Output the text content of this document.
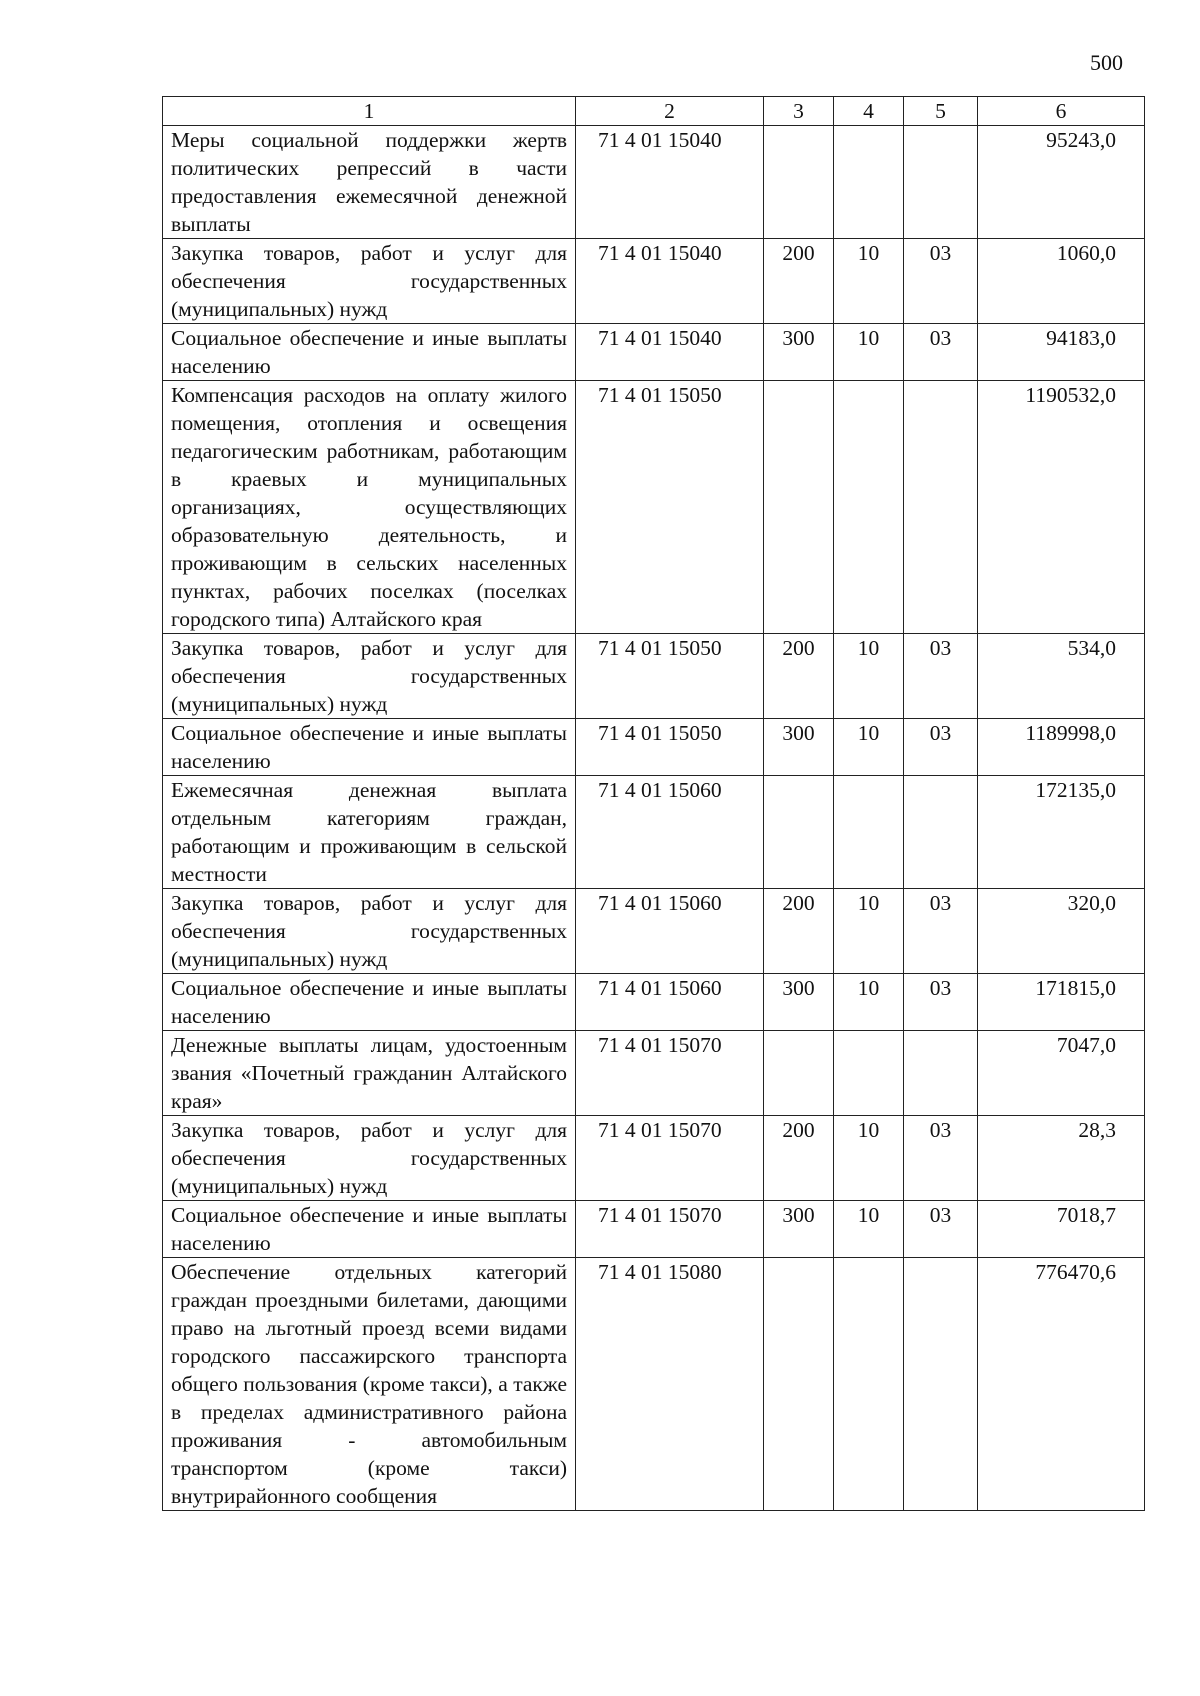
500
1	2	3	4	5	6
Меры социальной поддержки жертв политических репрессий в части предоставления ежемесячной денежной выплаты	71 4 01 15040				95243,0
Закупка товаров, работ и услуг для обеспечения государственных (муниципальных) нужд	71 4 01 15040	200	10	03	1060,0
Социальное обеспечение и иные выплаты населению	71 4 01 15040	300	10	03	94183,0
Компенсация расходов на оплату жилого помещения, отопления и освещения педагогическим работникам, работающим в краевых и муниципальных организациях, осуществляющих образовательную деятельность, и проживающим в сельских населенных пунктах, рабочих поселках (поселках городского типа) Алтайского края	71 4 01 15050				1190532,0
Закупка товаров, работ и услуг для обеспечения государственных (муниципальных) нужд	71 4 01 15050	200	10	03	534,0
Социальное обеспечение и иные выплаты населению	71 4 01 15050	300	10	03	1189998,0
Ежемесячная денежная выплата отдельным категориям граждан, работающим и проживающим в сельской местности	71 4 01 15060				172135,0
Закупка товаров, работ и услуг для обеспечения государственных (муниципальных) нужд	71 4 01 15060	200	10	03	320,0
Социальное обеспечение и иные выплаты населению	71 4 01 15060	300	10	03	171815,0
Денежные выплаты лицам, удостоенным звания «Почетный гражданин Алтайского края»	71 4 01 15070				7047,0
Закупка товаров, работ и услуг для обеспечения государственных (муниципальных) нужд	71 4 01 15070	200	10	03	28,3
Социальное обеспечение и иные выплаты населению	71 4 01 15070	300	10	03	7018,7
Обеспечение отдельных категорий граждан проездными билетами, дающими право на льготный проезд всеми видами городского пассажирского транспорта общего пользования (кроме такси), а также в пределах административного района проживания - автомобильным транспортом (кроме такси) внутрирайонного сообщения	71 4 01 15080				776470,6
